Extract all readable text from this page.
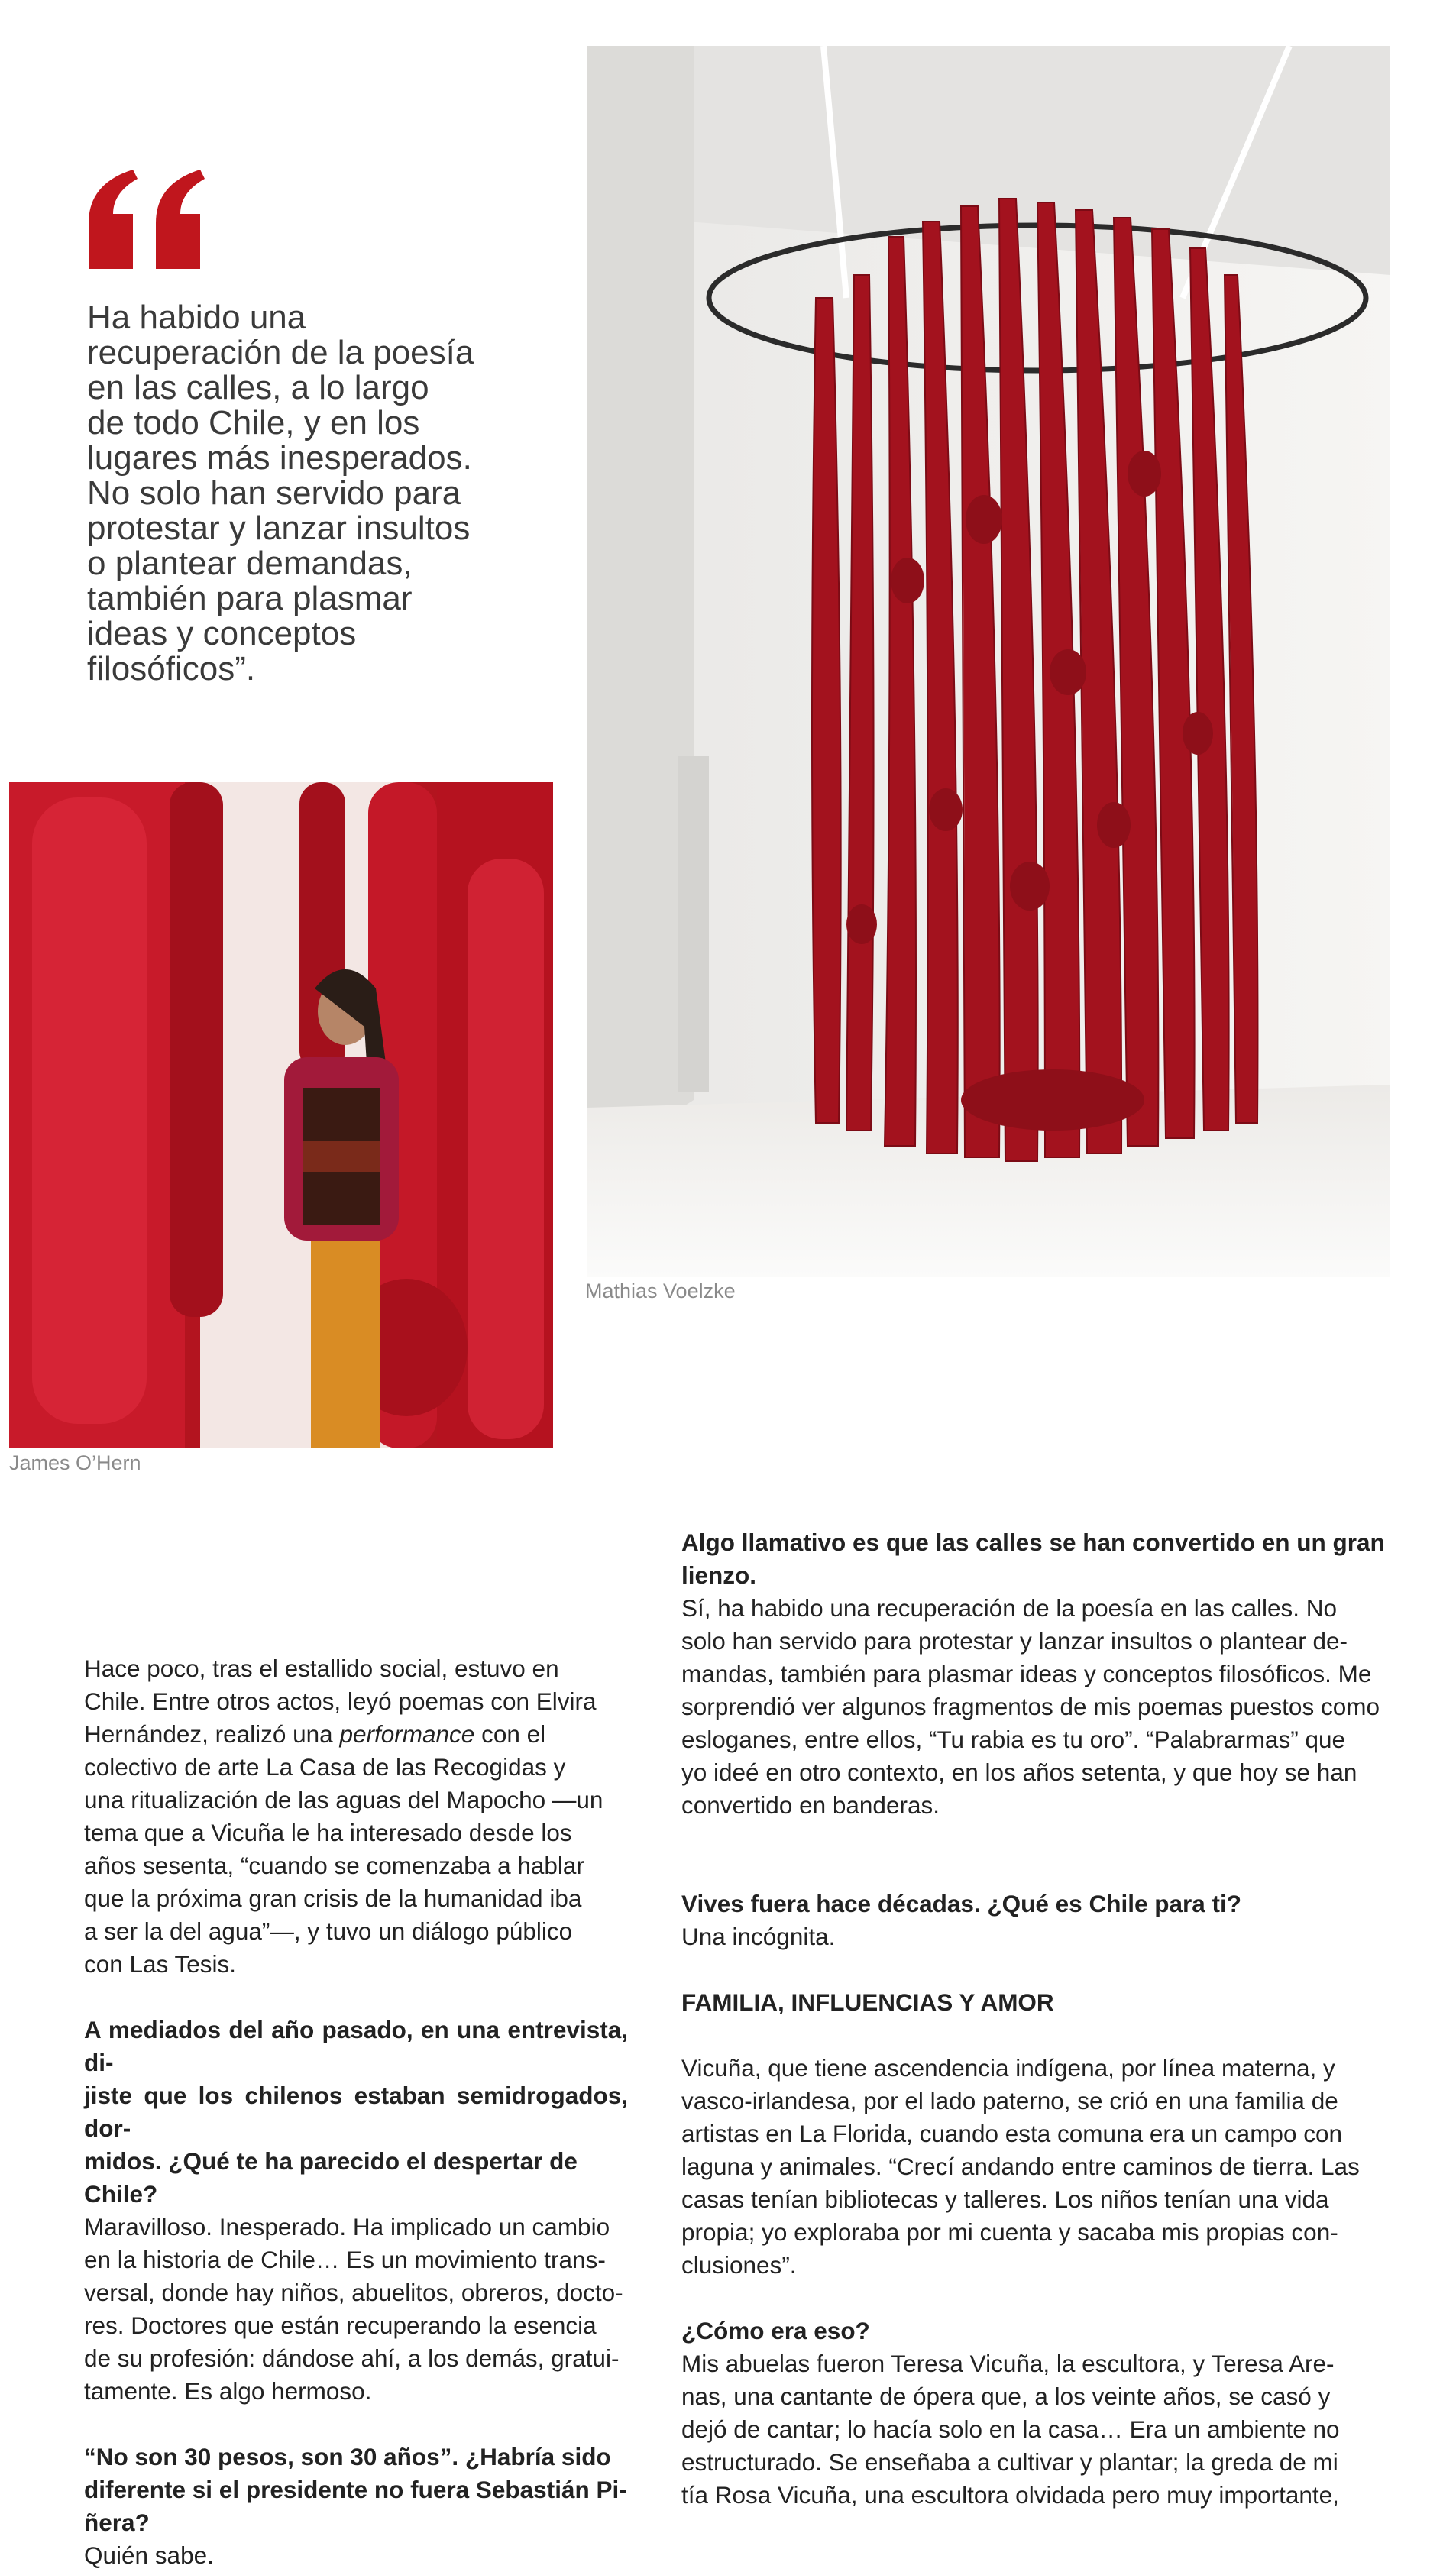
Ha habido una
recuperación de la poesía
en las calles, a lo largo
de todo Chile, y en los
lugares más inesperados.
No solo han servido para
protestar y lanzar insultos
o plantear demandas,
también para plasmar
ideas y conceptos
filosóficos”.
Mathias Voelzke
James O’Hern

Hace poco, tras el estallido social, estuvo en

Chile. Entre otros actos, leyó poemas con Elvira

Hernández, realizó una performance con el

colectivo de arte La Casa de las Recogidas y

una ritualización de las aguas del Mapocho —un

tema que a Vicuña le ha interesado desde los

años sesenta, “cuando se comenzaba a hablar

que la próxima gran crisis de la humanidad iba

a ser la del agua”—, y tuvo un diálogo público

con Las Tesis.

A mediados del año pasado, en una entrevista, di-

jiste que los chilenos estaban semidrogados, dor-

midos. ¿Qué te ha parecido el despertar de Chile?

Maravilloso. Inesperado. Ha implicado un cambio

en la historia de Chile… Es un movimiento trans-

versal, donde hay niños, abuelitos, obreros, docto-

res. Doctores que están recuperando la esencia

de su profesión: dándose ahí, a los demás, gratui-

tamente. Es algo hermoso.

“No son 30 pesos, son 30 años”. ¿Habría sido

diferente si el presidente no fuera Sebastián Pi-

ñera?

Quién sabe.

Algo llamativo es que las calles se han convertido en un gran lienzo.

Sí, ha habido una recuperación de la poesía en las calles. No

solo han servido para protestar y lanzar insultos o plantear de-

mandas, también para plasmar ideas y conceptos filosóficos. Me

sorprendió ver algunos fragmentos de mis poemas puestos como

esloganes, entre ellos, “Tu rabia es tu oro”. “Palabrarmas” que

yo ideé en otro contexto, en los años setenta, y que hoy se han

convertido en banderas.

Vives fuera hace décadas. ¿Qué es Chile para ti?

Una incógnita.

FAMILIA, INFLUENCIAS Y AMOR

Vicuña, que tiene ascendencia indígena, por línea materna, y

vasco-irlandesa, por el lado paterno, se crió en una familia de

artistas en La Florida, cuando esta comuna era un campo con

laguna y animales. “Crecí andando entre caminos de tierra. Las

casas tenían bibliotecas y talleres. Los niños tenían una vida

propia; yo exploraba por mi cuenta y sacaba mis propias con-

clusiones”.

¿Cómo era eso?

Mis abuelas fueron Teresa Vicuña, la escultora, y Teresa Are-

nas, una cantante de ópera que, a los veinte años, se casó y

dejó de cantar; lo hacía solo en la casa… Era un ambiente no

estructurado. Se enseñaba a cultivar y plantar; la greda de mi

tía Rosa Vicuña, una escultora olvidada pero muy importante,
